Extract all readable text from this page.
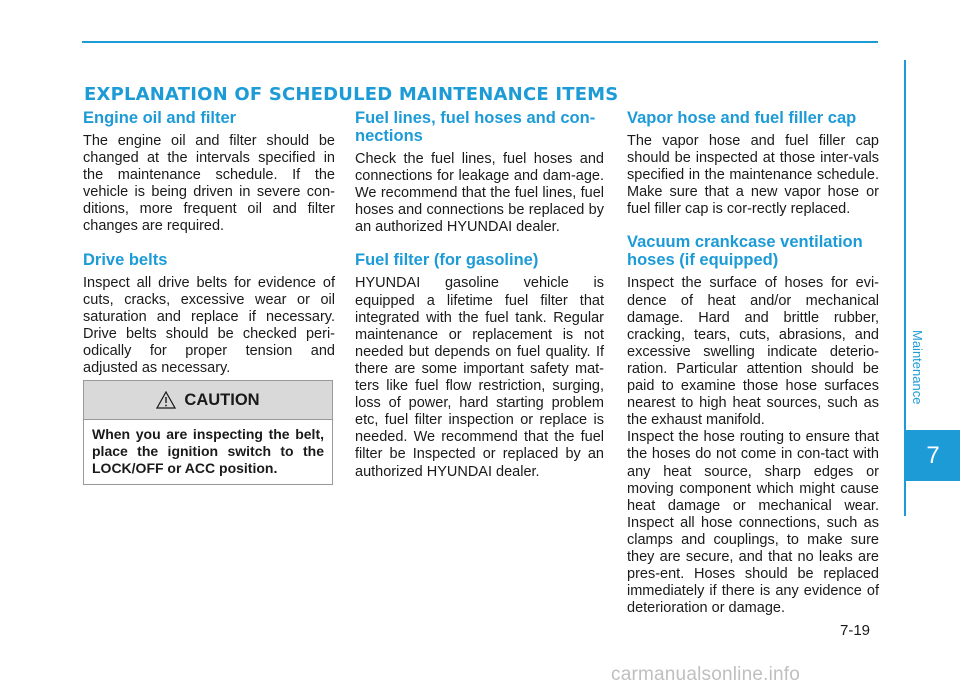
EXPLANATION OF SCHEDULED MAINTENANCE ITEMS
Engine oil and filter

The engine oil and filter should be changed at the intervals specified in the maintenance schedule. If the vehicle is being driven in severe con-ditions, more frequent oil and filter changes are required.

Drive belts

Inspect all drive belts for evidence of cuts, cracks, excessive wear or oil saturation and replace if necessary. Drive belts should be checked peri-odically for proper tension and adjusted as necessary.

CAUTION
When you are inspecting the belt, place the ignition switch to the LOCK/OFF or ACC position.
Fuel lines, fuel hoses and con-nections

Check the fuel lines, fuel hoses and connections for leakage and dam-age. We recommend that the fuel lines, fuel hoses and connections be replaced by an authorized HYUNDAI dealer.

Fuel filter (for gasoline)

HYUNDAI gasoline vehicle is equipped a lifetime fuel filter that integrated with the fuel tank. Regular maintenance or replacement is not needed but depends on fuel quality. If there are some important safety mat-ters like fuel flow restriction, surging, loss of power, hard starting problem etc, fuel filter inspection or replace is needed. We recommend that the fuel filter be Inspected or replaced by an authorized HYUNDAI dealer.

Vapor hose and fuel filler cap

The vapor hose and fuel filler cap should be inspected at those inter-vals specified in the maintenance schedule. Make sure that a new vapor hose or fuel filler cap is cor-rectly replaced.

Vacuum crankcase ventilation hoses (if equipped)

Inspect the surface of hoses for evi-dence of heat and/or mechanical damage. Hard and brittle rubber, cracking, tears, cuts, abrasions, and excessive swelling indicate deterio-ration. Particular attention should be paid to examine those hose surfaces nearest to high heat sources, such as the exhaust manifold.

Inspect the hose routing to ensure that the hoses do not come in con-tact with any heat source, sharp edges or moving component which might cause heat damage or mechanical wear. Inspect all hose connections, such as clamps and couplings, to make sure they are secure, and that no leaks are pres-ent. Hoses should be replaced immediately if there is any evidence of deterioration or damage.

Maintenance
7
7-19
carmanualsonline.info
